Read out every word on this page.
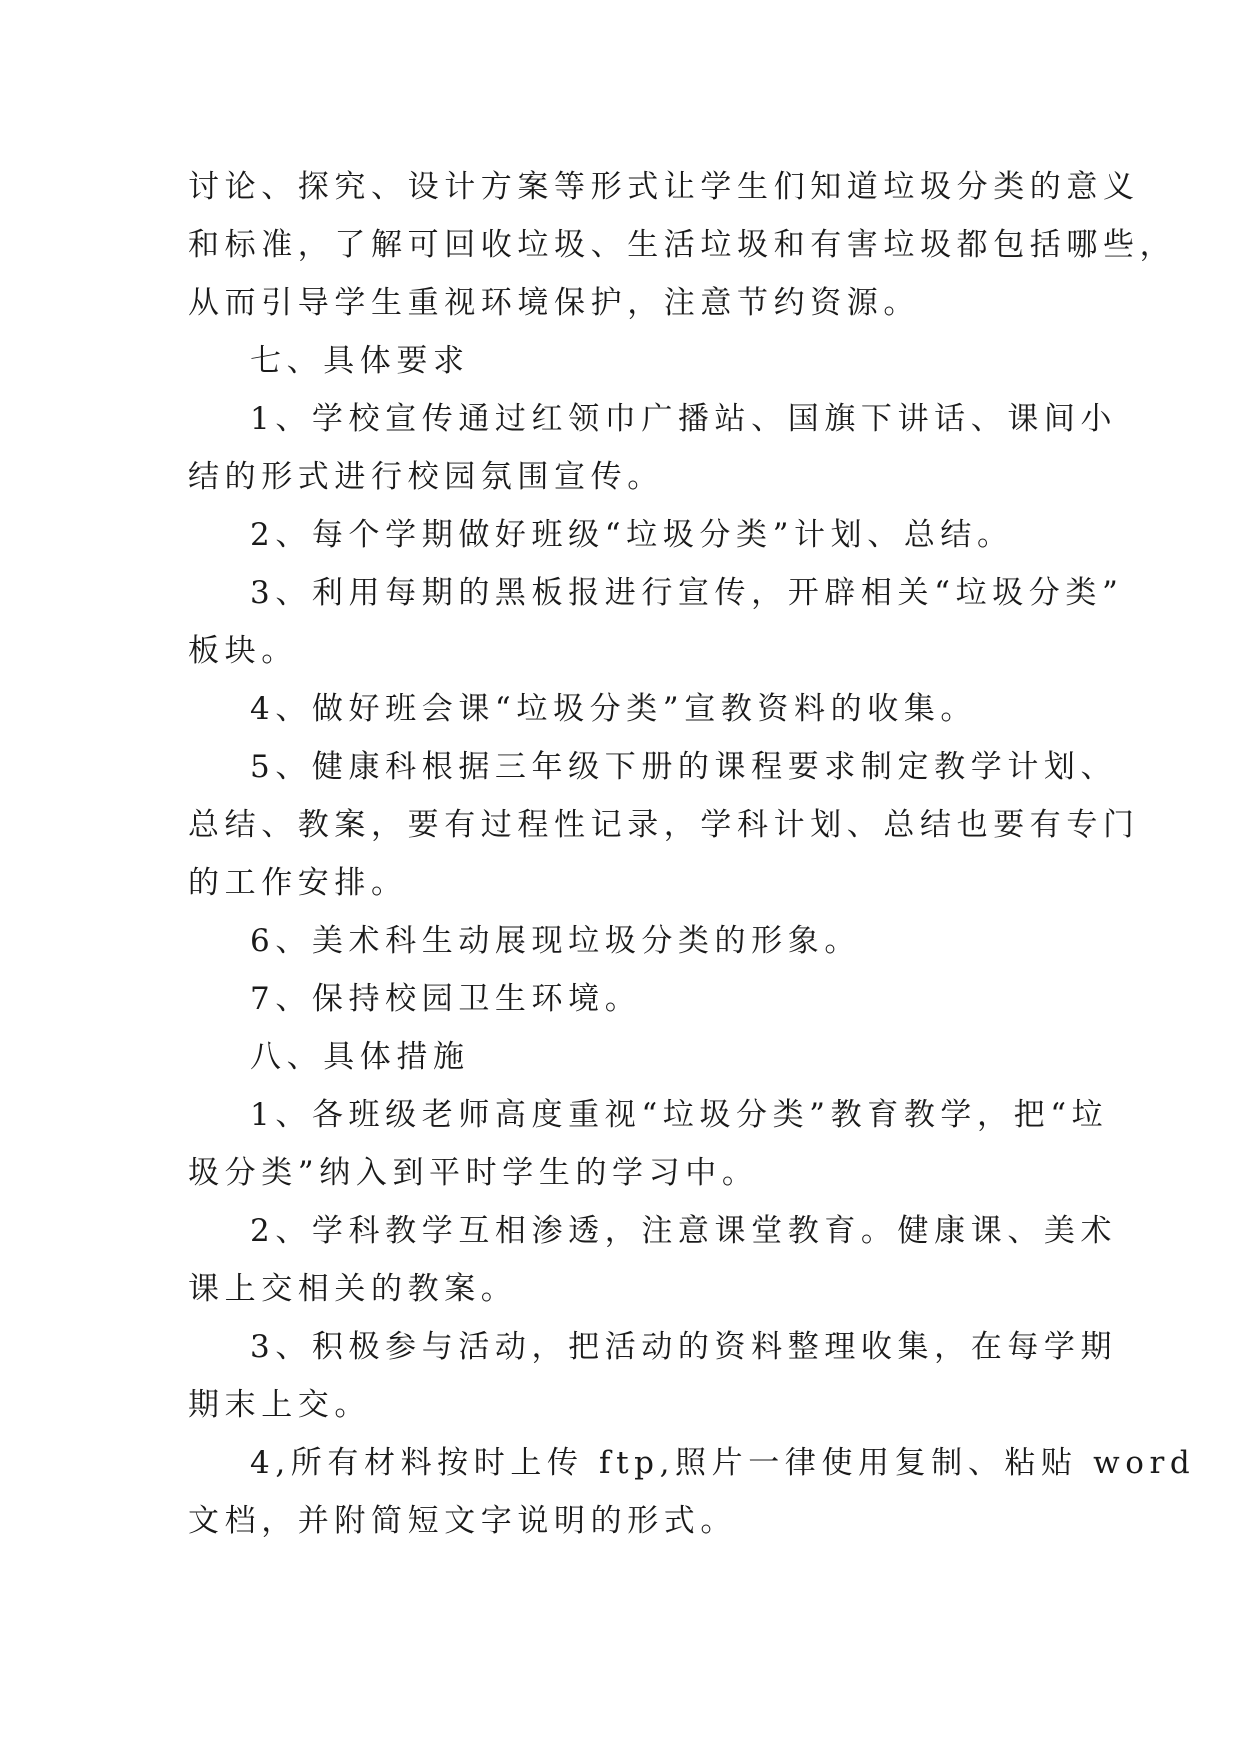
讨论、探究、设计方案等形式让学生们知道垃圾分类的意义
和标准，了解可回收垃圾、生活垃圾和有害垃圾都包括哪些，
从而引导学生重视环境保护，注意节约资源。
七、具体要求
1、学校宣传通过红领巾广播站、国旗下讲话、课间小
结的形式进行校园氛围宣传。
2、每个学期做好班级“垃圾分类”计划、总结。
3、利用每期的黑板报进行宣传，开辟相关“垃圾分类”
板块。
4、做好班会课“垃圾分类”宣教资料的收集。
5、健康科根据三年级下册的课程要求制定教学计划、
总结、教案，要有过程性记录，学科计划、总结也要有专门
的工作安排。
6、美术科生动展现垃圾分类的形象。
7、保持校园卫生环境。
八、具体措施
1、各班级老师高度重视“垃圾分类”教育教学，把“垃
圾分类”纳入到平时学生的学习中。
2、学科教学互相渗透，注意课堂教育。健康课、美术
课上交相关的教案。
3、积极参与活动，把活动的资料整理收集，在每学期
期末上交。
4,所有材料按时上传 ftp,照片一律使用复制、粘贴 word
文档，并附简短文字说明的形式。
